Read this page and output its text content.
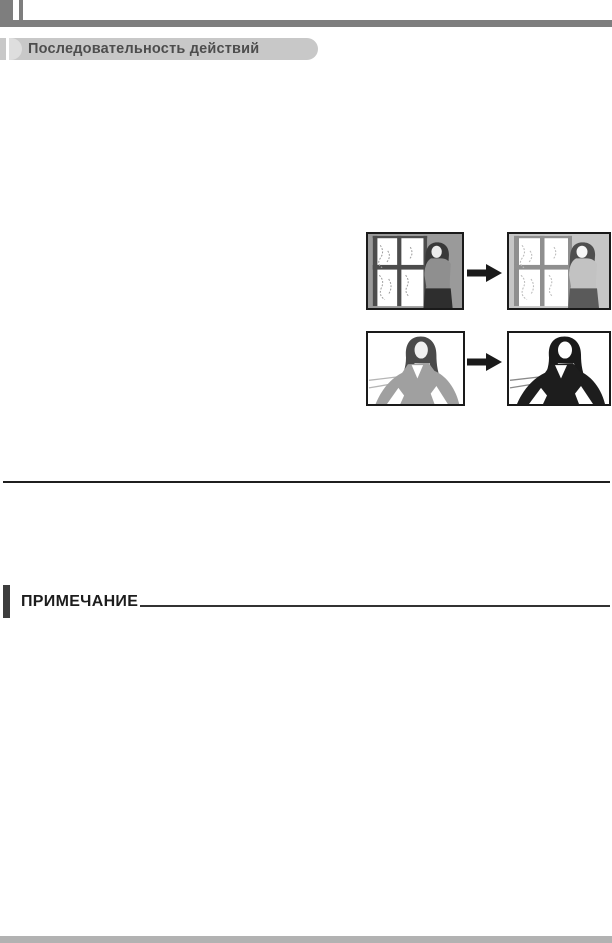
Последовательность действий
ПРИМЕЧАНИЕ
